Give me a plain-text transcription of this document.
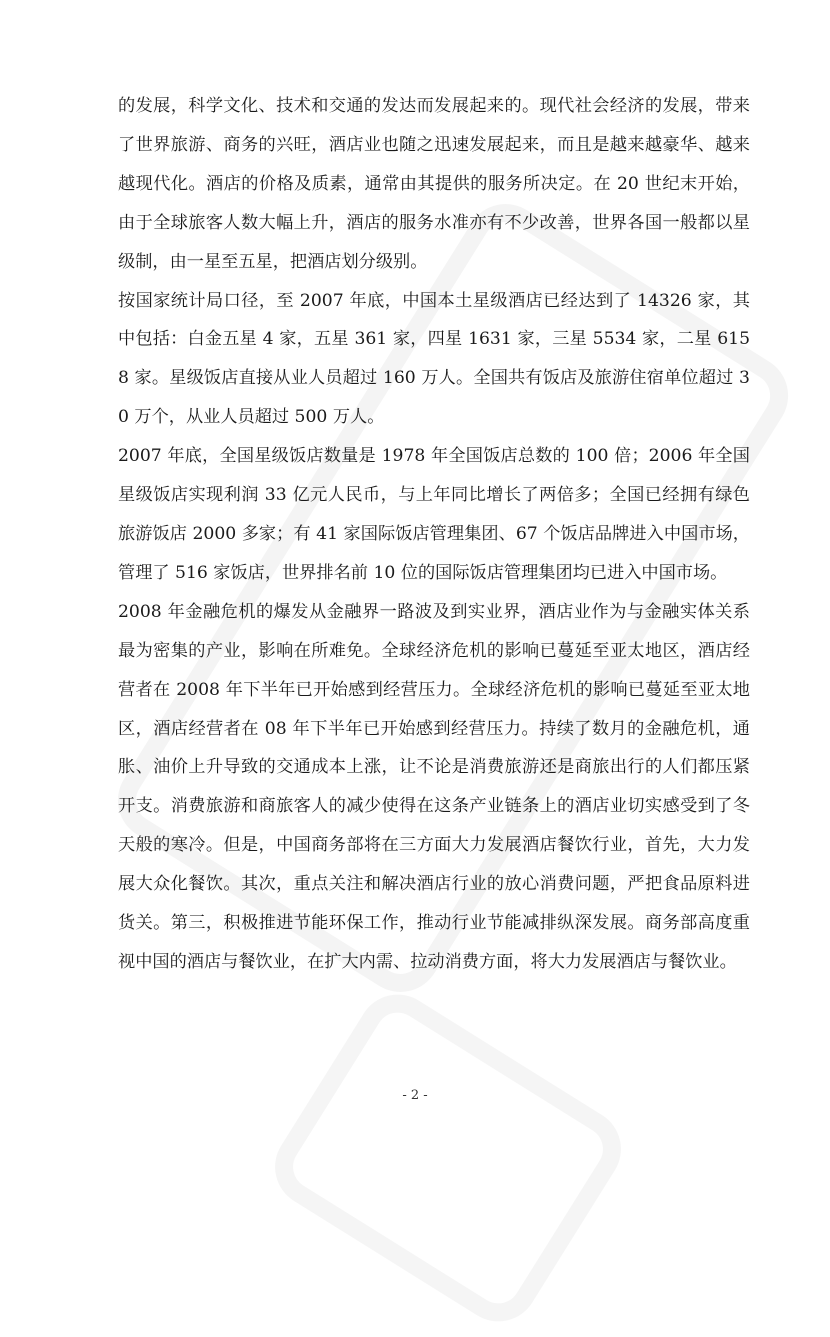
的发展，科学文化、技术和交通的发达而发展起来的。现代社会经济的发展，带来了世界旅游、商务的兴旺，酒店业也随之迅速发展起来，而且是越来越豪华、越来越现代化。酒店的价格及质素，通常由其提供的服务所决定。在 20 世纪末开始，由于全球旅客人数大幅上升，酒店的服务水准亦有不少改善，世界各国一般都以星级制，由一星至五星，把酒店划分级别。

按国家统计局口径，至 2007 年底，中国本土星级酒店已经达到了 14326 家，其中包括：白金五星 4 家，五星 361 家，四星 1631 家，三星 5534 家，二星 6158 家。星级饭店直接从业人员超过 160 万人。全国共有饭店及旅游住宿单位超过 30 万个，从业人员超过 500 万人。

2007 年底，全国星级饭店数量是 1978 年全国饭店总数的 100 倍；2006 年全国星级饭店实现利润 33 亿元人民币，与上年同比增长了两倍多；全国已经拥有绿色旅游饭店 2000 多家；有 41 家国际饭店管理集团、67 个饭店品牌进入中国市场，管理了 516 家饭店，世界排名前 10 位的国际饭店管理集团均已进入中国市场。

2008 年金融危机的爆发从金融界一路波及到实业界，酒店业作为与金融实体关系最为密集的产业，影响在所难免。全球经济危机的影响已蔓延至亚太地区，酒店经营者在 2008 年下半年已开始感到经营压力。全球经济危机的影响已蔓延至亚太地区，酒店经营者在 08 年下半年已开始感到经营压力。持续了数月的金融危机，通胀、油价上升导致的交通成本上涨，让不论是消费旅游还是商旅出行的人们都压紧开支。消费旅游和商旅客人的减少使得在这条产业链条上的酒店业切实感受到了冬天般的寒冷。但是，中国商务部将在三方面大力发展酒店餐饮行业，首先，大力发展大众化餐饮。其次，重点关注和解决酒店行业的放心消费问题，严把食品原料进货关。第三，积极推进节能环保工作，推动行业节能减排纵深发展。商务部高度重视中国的酒店与餐饮业，在扩大内需、拉动消费方面，将大力发展酒店与餐饮业。

- 2 -
